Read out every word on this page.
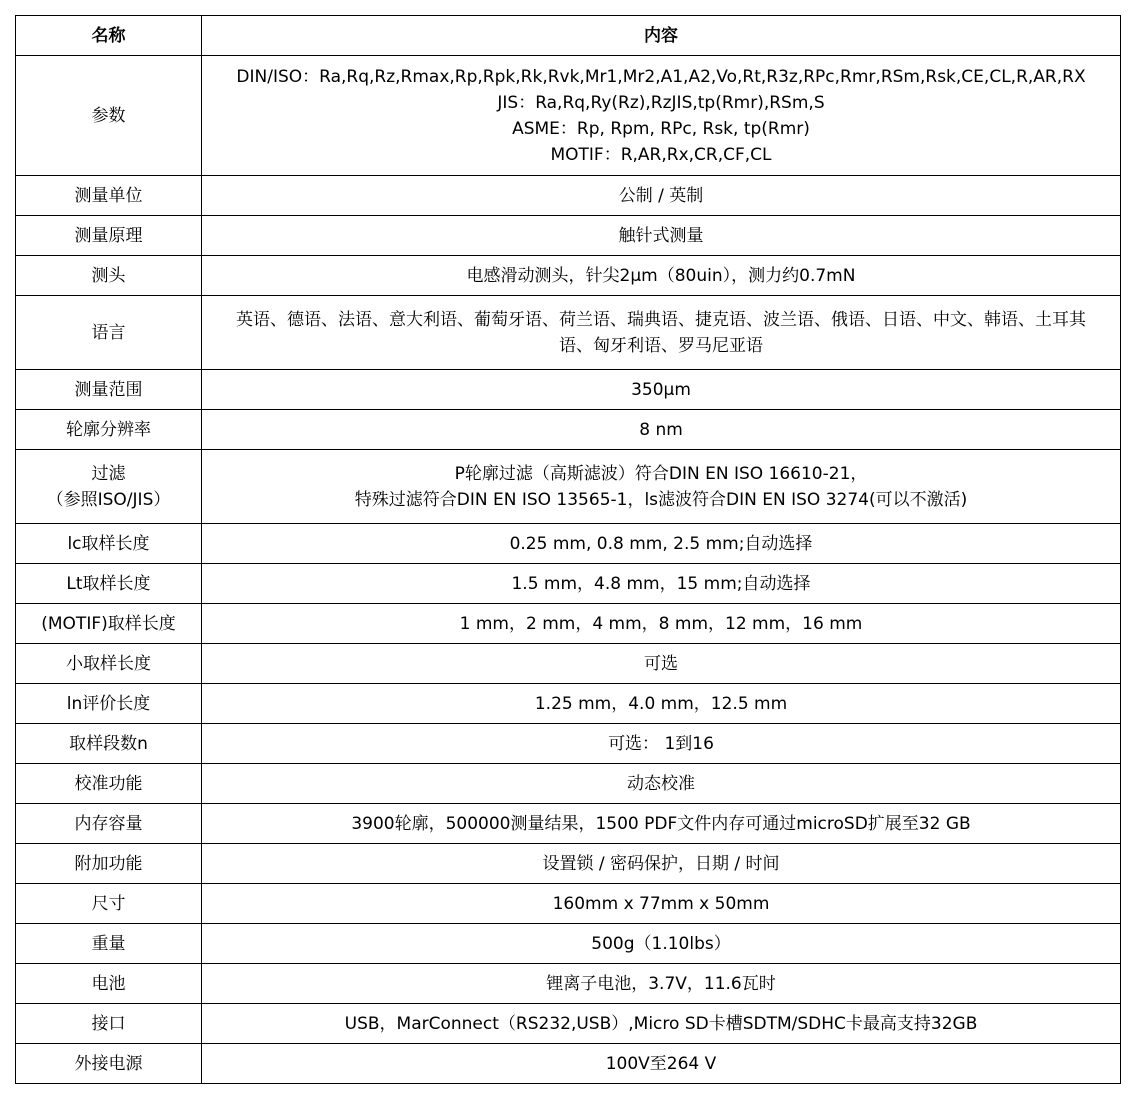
名称	内容

参数	DIN/ISO：Ra,Rq,Rz,Rmax,Rp,Rpk,Rk,Rvk,Mr1,Mr2,A1,A2,Vo,Rt,R3z,RPc,Rmr,RSm,Rsk,CE,CL,R,AR,RX
JIS：Ra,Rq,Ry(Rz),RzJIS,tp(Rmr),RSm,S
ASME：Rp, Rpm, RPc, Rsk, tp(Rmr)
MOTIF：R,AR,Rx,CR,CF,CL

测量单位	公制 / 英制
测量原理	触针式测量
测头	电感滑动测头，针尖2µm（80uin），测力约0.7mN
语言	英语、德语、法语、意大利语、葡萄牙语、荷兰语、瑞典语、捷克语、波兰语、俄语、日语、中文、韩语、土耳其语、匈牙利语、罗马尼亚语

测量范围	350µm
轮廓分辨率	8 nm

过滤
（参照ISO/JIS）	P轮廓过滤（高斯滤波）符合DIN EN ISO 16610-21，
特殊过滤符合DIN EN ISO 13565-1，ls滤波符合DIN EN ISO 3274(可以不激活)

lc取样长度	0.25 mm, 0.8 mm, 2.5 mm;自动选择
Lt取样长度	1.5 mm，4.8 mm，15 mm;自动选择
(MOTIF)取样长度	1 mm，2 mm，4 mm，8 mm，12 mm，16 mm
小取样长度	可选
ln评价长度	1.25 mm，4.0 mm，12.5 mm
取样段数n	可选： 1到16
校准功能	动态校准
内存容量	3900轮廓，500000测量结果，1500 PDF文件内存可通过microSD扩展至32 GB
附加功能	设置锁 / 密码保护，日期 / 时间
尺寸	160mm x 77mm x 50mm
重量	500g（1.10lbs）
电池	锂离子电池，3.7V，11.6瓦时
接口	USB，MarConnect（RS232,USB）,Micro SD卡槽SDTM/SDHC卡最高支持32GB
外接电源	100V至264 V
